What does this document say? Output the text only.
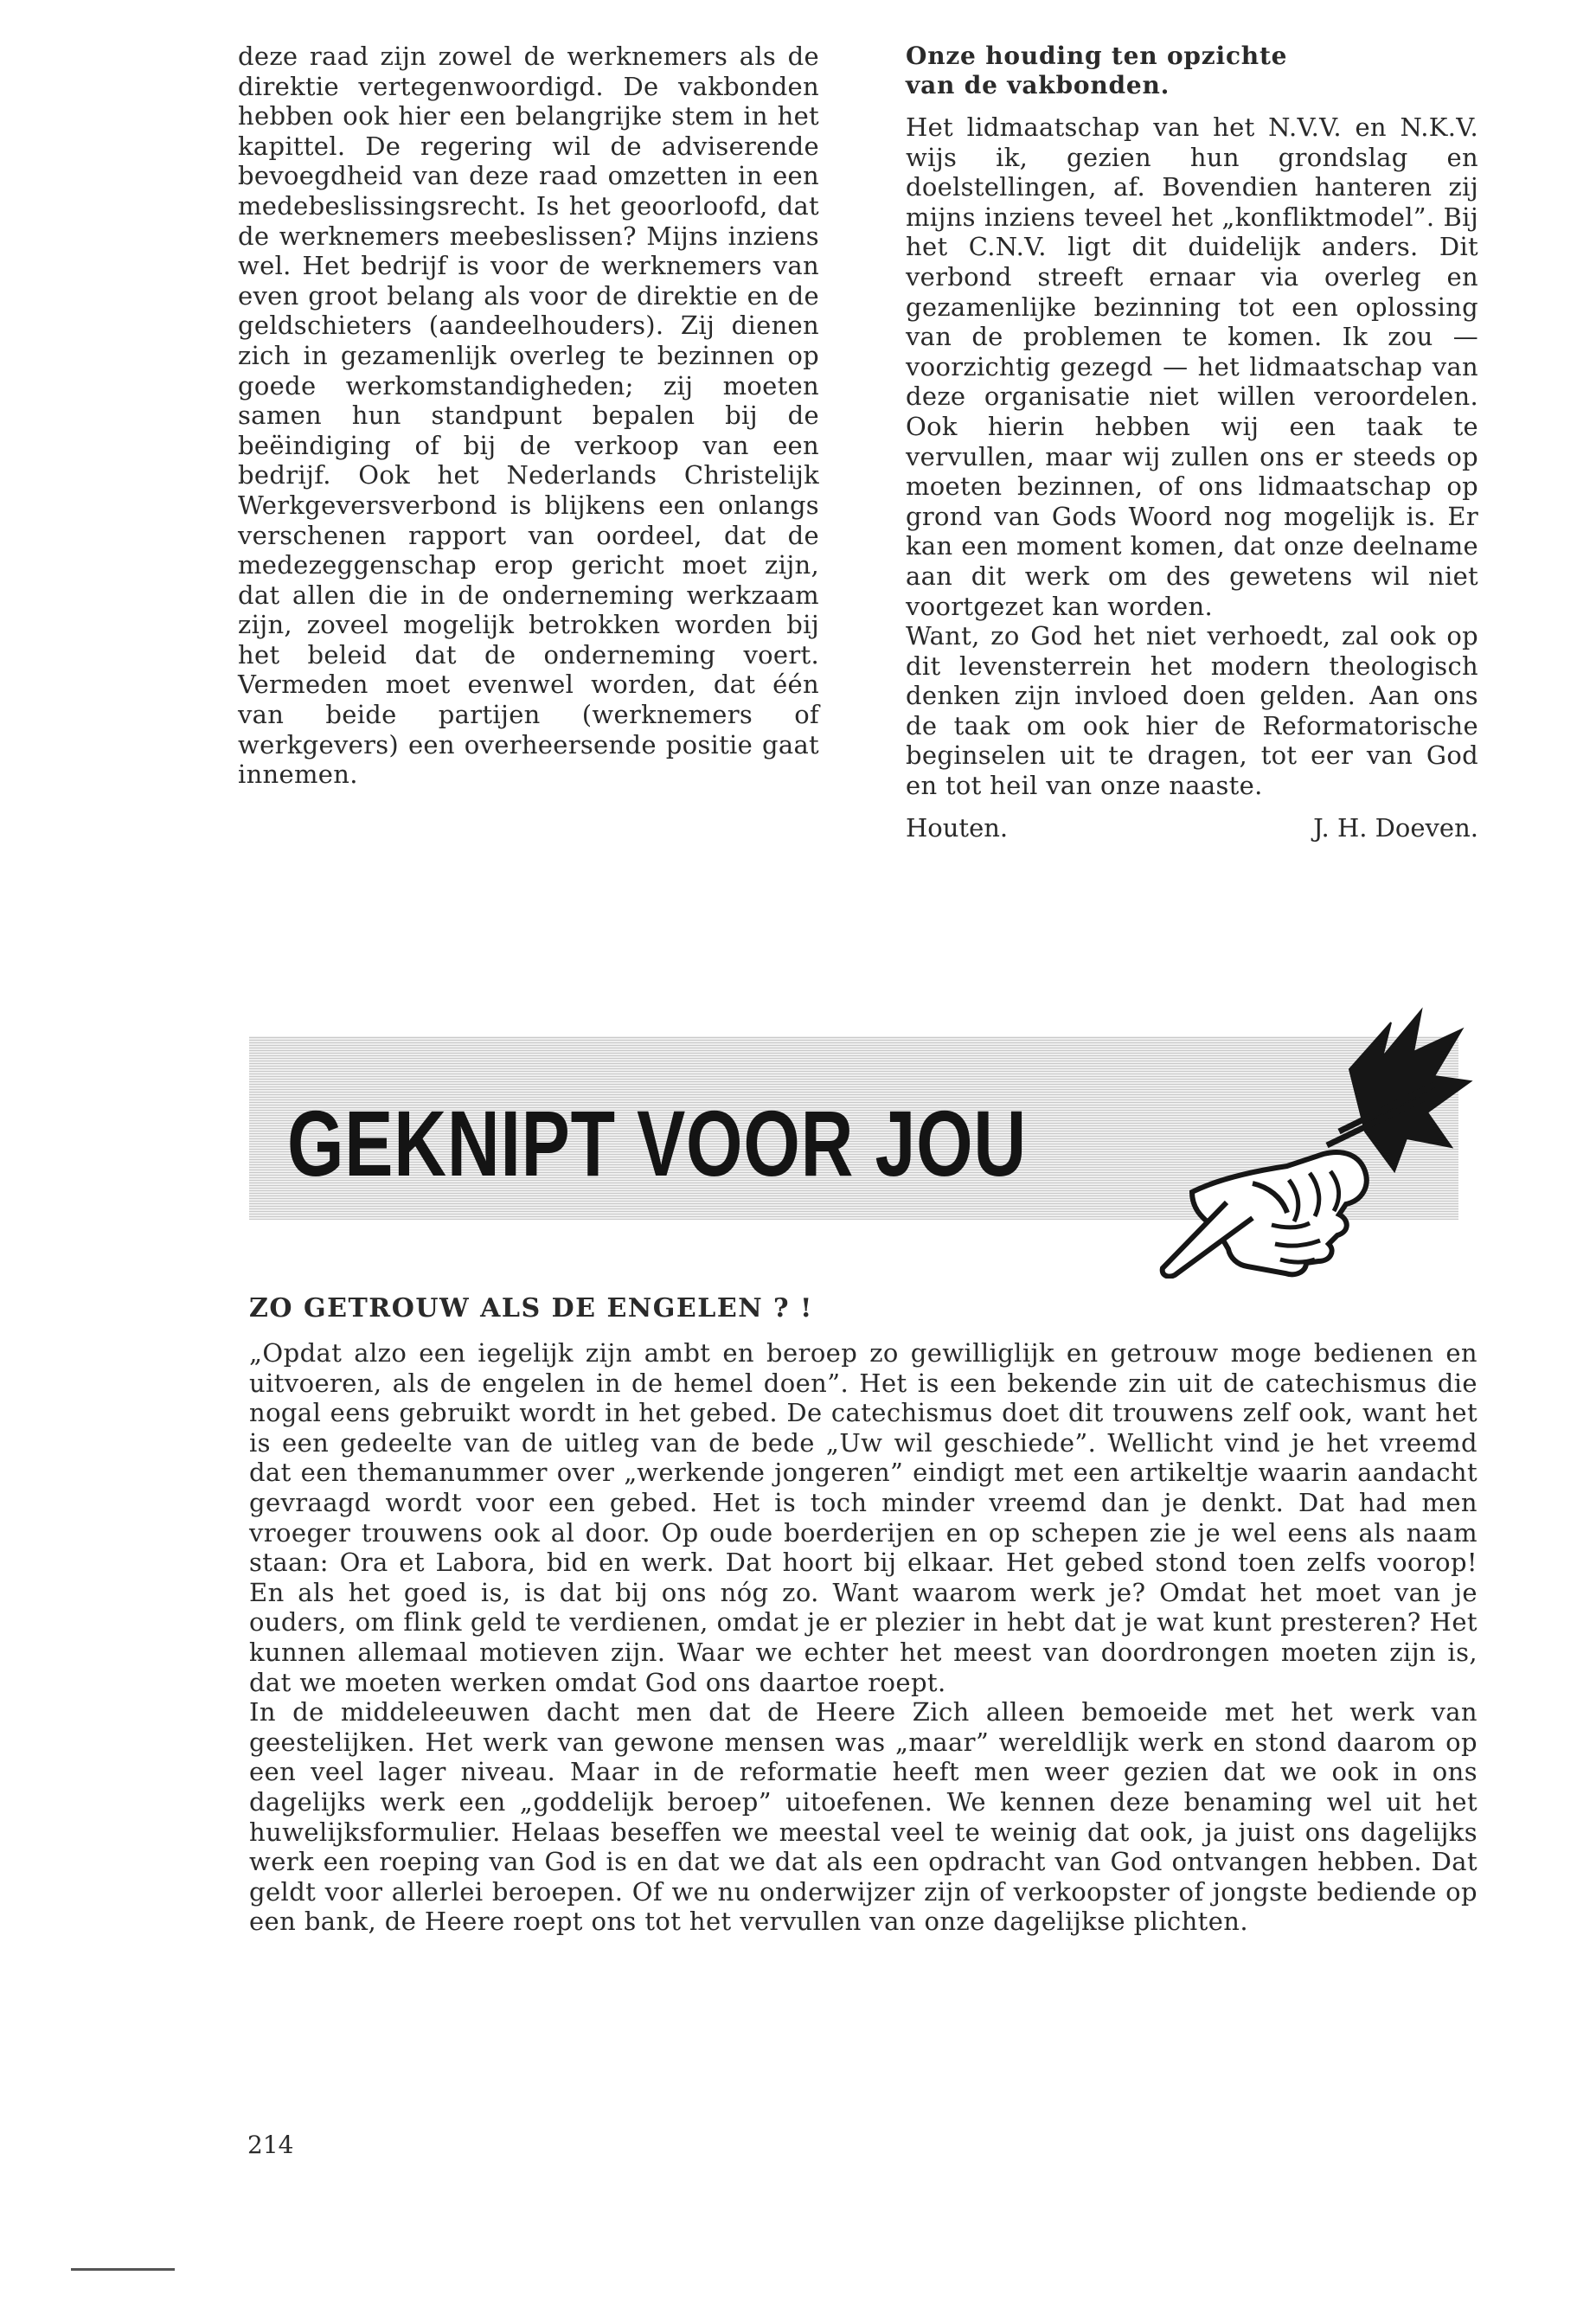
deze raad zijn zowel de werknemers als de direktie vertegenwoordigd. De vakbonden hebben ook hier een belangrijke stem in het kapittel. De regering wil de adviserende bevoegdheid van deze raad omzetten in een medebeslissingsrecht. Is het geoorloofd, dat de werknemers meebeslissen? Mijns inziens wel. Het bedrijf is voor de werknemers van even groot belang als voor de direktie en de geldschieters (aandeelhouders). Zij dienen zich in gezamenlijk overleg te bezinnen op goede werkomstandigheden; zij moeten samen hun standpunt bepalen bij de beëindiging of bij de verkoop van een bedrijf. Ook het Nederlands Christelijk Werkgeversverbond is blijkens een onlangs verschenen rapport van oordeel, dat de medezeggenschap erop gericht moet zijn, dat allen die in de onderneming werkzaam zijn, zoveel mogelijk betrokken worden bij het beleid dat de onderneming voert. Vermeden moet evenwel worden, dat één van beide partijen (werknemers of werkgevers) een overheersende positie gaat innemen.

Onze houding ten opzichte
van de vakbonden.

Het lidmaatschap van het N.V.V. en N.K.V. wijs ik, gezien hun grondslag en doelstellingen, af. Bovendien hanteren zij mijns inziens teveel het „konfliktmodel”. Bij het C.N.V. ligt dit duidelijk anders. Dit verbond streeft ernaar via overleg en gezamenlijke bezinning tot een oplossing van de problemen te komen. Ik zou — voorzichtig gezegd — het lidmaatschap van deze organisatie niet willen veroordelen. Ook hierin hebben wij een taak te vervullen, maar wij zullen ons er steeds op moeten bezinnen, of ons lidmaatschap op grond van Gods Woord nog mogelijk is. Er kan een moment komen, dat onze deelname aan dit werk om des gewetens wil niet voortgezet kan worden.

Want, zo God het niet verhoedt, zal ook op dit levensterrein het modern theologisch denken zijn invloed doen gelden. Aan ons de taak om ook hier de Reformatorische beginselen uit te dragen, tot eer van God en tot heil van onze naaste.

Houten.	J. H. Doeven.
GEKNIPT VOOR JOU
ZO GETROUW ALS DE ENGELEN ? !

„Opdat alzo een iegelijk zijn ambt en beroep zo gewilliglijk en getrouw moge bedienen en uitvoeren, als de engelen in de hemel doen”. Het is een bekende zin uit de catechismus die nogal eens gebruikt wordt in het gebed. De catechismus doet dit trouwens zelf ook, want het is een gedeelte van de uitleg van de bede „Uw wil geschiede”. Wellicht vind je het vreemd dat een themanummer over „werkende jongeren” eindigt met een artikeltje waarin aandacht gevraagd wordt voor een gebed. Het is toch minder vreemd dan je denkt. Dat had men vroeger trouwens ook al door. Op oude boerderijen en op schepen zie je wel eens als naam staan: Ora et Labora, bid en werk. Dat hoort bij elkaar. Het gebed stond toen zelfs voorop! En als het goed is, is dat bij ons nóg zo. Want waarom werk je? Omdat het moet van je ouders, om flink geld te verdienen, omdat je er plezier in hebt dat je wat kunt presteren? Het kunnen allemaal motieven zijn. Waar we echter het meest van doordrongen moeten zijn is, dat we moeten werken omdat God ons daartoe roept.

In de middeleeuwen dacht men dat de Heere Zich alleen bemoeide met het werk van geestelijken. Het werk van gewone mensen was „maar” wereldlijk werk en stond daarom op een veel lager niveau. Maar in de reformatie heeft men weer gezien dat we ook in ons dagelijks werk een „goddelijk beroep” uitoefenen. We kennen deze benaming wel uit het huwelijksformulier. Helaas beseffen we meestal veel te weinig dat ook, ja juist ons dagelijks werk een roeping van God is en dat we dat als een opdracht van God ontvangen hebben. Dat geldt voor allerlei beroepen. Of we nu onderwijzer zijn of verkoopster of jongste bediende op een bank, de Heere roept ons tot het vervullen van onze dagelijkse plichten.

214
